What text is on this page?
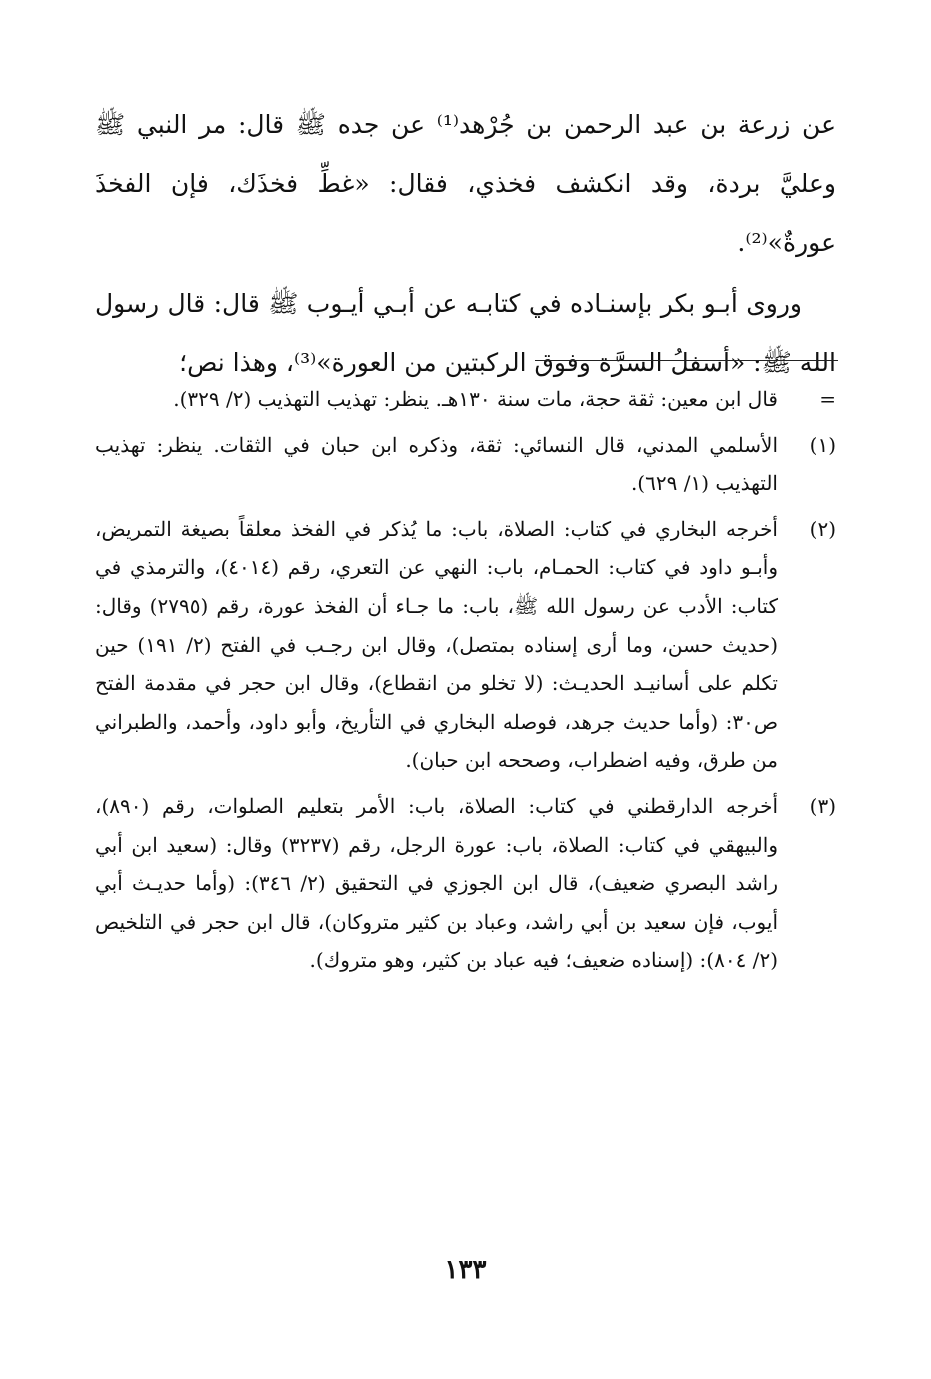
عن زرعة بن عبد الرحمن بن جُرْهد⁽¹⁾ عن جده ﷺ قال: مر النبي ﷺ وعليَّ بردة، وقد انكشف فخذي، فقال: «غطِّ فخذَك، فإن الفخذَ عورةٌ»⁽²⁾.

وروى أبـو بكر بإسنـاده في كتابـه عن أبـي أيـوب ﷺ قال: قال رسول الله ﷺ: «أسفلُ السرَّة وفوق الركبتين من العورة»⁽³⁾، وهذا نص؛

=

قال ابن معين: ثقة حجة، مات سنة ١٣٠هـ. ينظر: تهذيب التهذيب (٢/ ٣٢٩).

(١)

الأسلمي المدني، قال النسائي: ثقة، وذكره ابن حبان في الثقات. ينظر: تهذيب التهذيب (١/ ٦٢٩).

(٢)

أخرجه البخاري في كتاب: الصلاة، باب: ما يُذكر في الفخذ معلقاً بصيغة التمريض، وأبـو داود في كتاب: الحمـام، باب: النهي عن التعري، رقم (٤٠١٤)، والترمذي في كتاب: الأدب عن رسول الله ﷺ، باب: ما جـاء أن الفخذ عورة، رقم (٢٧٩٥) وقال: (حديث حسن، وما أرى إسناده بمتصل)، وقال ابن رجـب في الفتح (٢/ ١٩١) حين تكلم على أسانيـد الحديـث: (لا تخلو من انقطاع)، وقال ابن حجر في مقدمة الفتح ص٣٠: (وأما حديث جرهد، فوصله البخاري في التأريخ، وأبو داود، وأحمد، والطبراني من طرق، وفيه اضطراب، وصححه ابن حبان).

(٣)

أخرجه الدارقطني في كتاب: الصلاة، باب: الأمر بتعليم الصلوات، رقم (٨٩٠)، والبيهقي في كتاب: الصلاة، باب: عورة الرجل، رقم (٣٢٣٧) وقال: (سعيد ابن أبي راشد البصري ضعيف)، قال ابن الجوزي في التحقيق (٢/ ٣٤٦): (وأما حديـث أبي أيوب، فإن سعيد بن أبي راشد، وعباد بن كثير متروكان)، قال ابن حجر في التلخيص (٢/ ٨٠٤): (إسناده ضعيف؛ فيه عباد بن كثير، وهو متروك).

١٣٣
